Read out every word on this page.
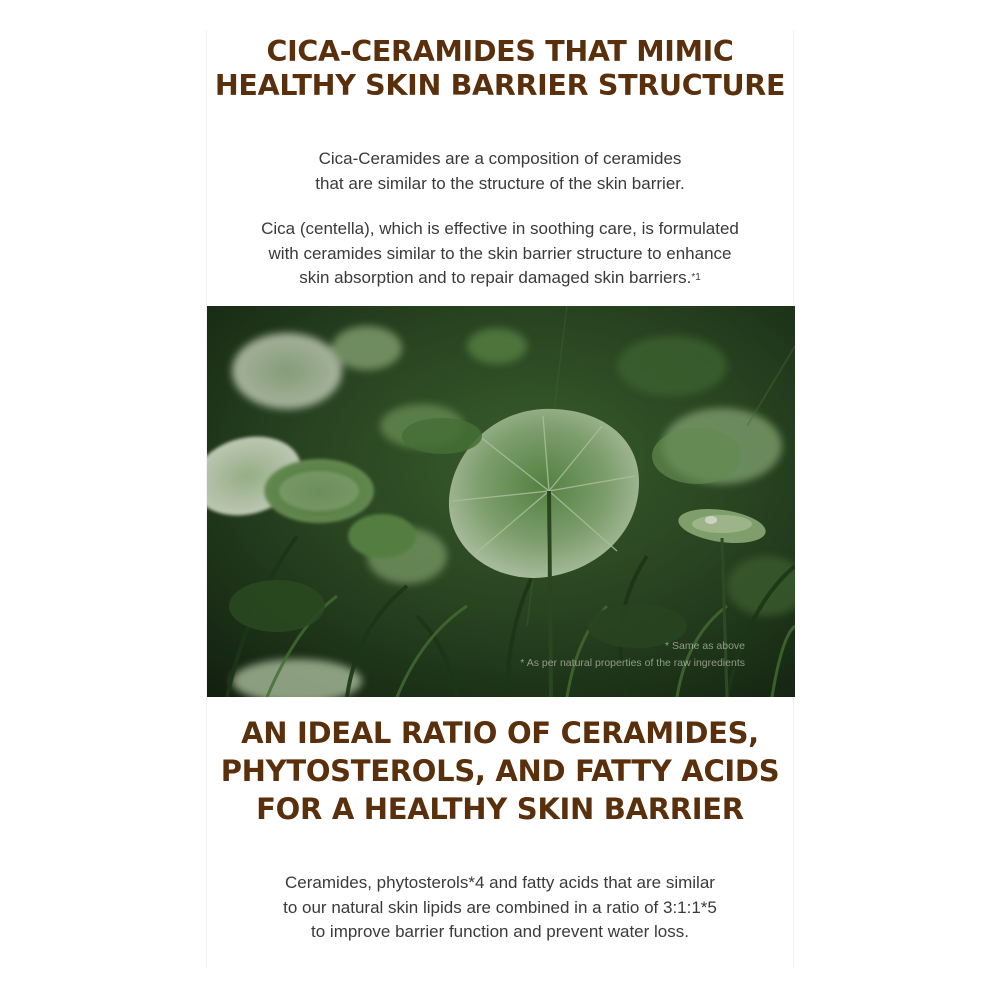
CICA-CERAMIDES THAT MIMIC
HEALTHY SKIN BARRIER STRUCTURE
Cica-Ceramides are a composition of ceramides
that are similar to the structure of the skin barrier.
Cica (centella), which is effective in soothing care, is formulated
with ceramides similar to the skin barrier structure to enhance
skin absorption and to repair damaged skin barriers.$^{*1}$
* Same as above
* As per natural properties of the raw ingredients
AN IDEAL RATIO OF CERAMIDES,
PHYTOSTEROLS, AND FATTY ACIDS
FOR A HEALTHY SKIN BARRIER
Ceramides, phytosterols*4 and fatty acids that are similar
to our natural skin lipids are combined in a ratio of 3:1:1*5
to improve barrier function and prevent water loss.
